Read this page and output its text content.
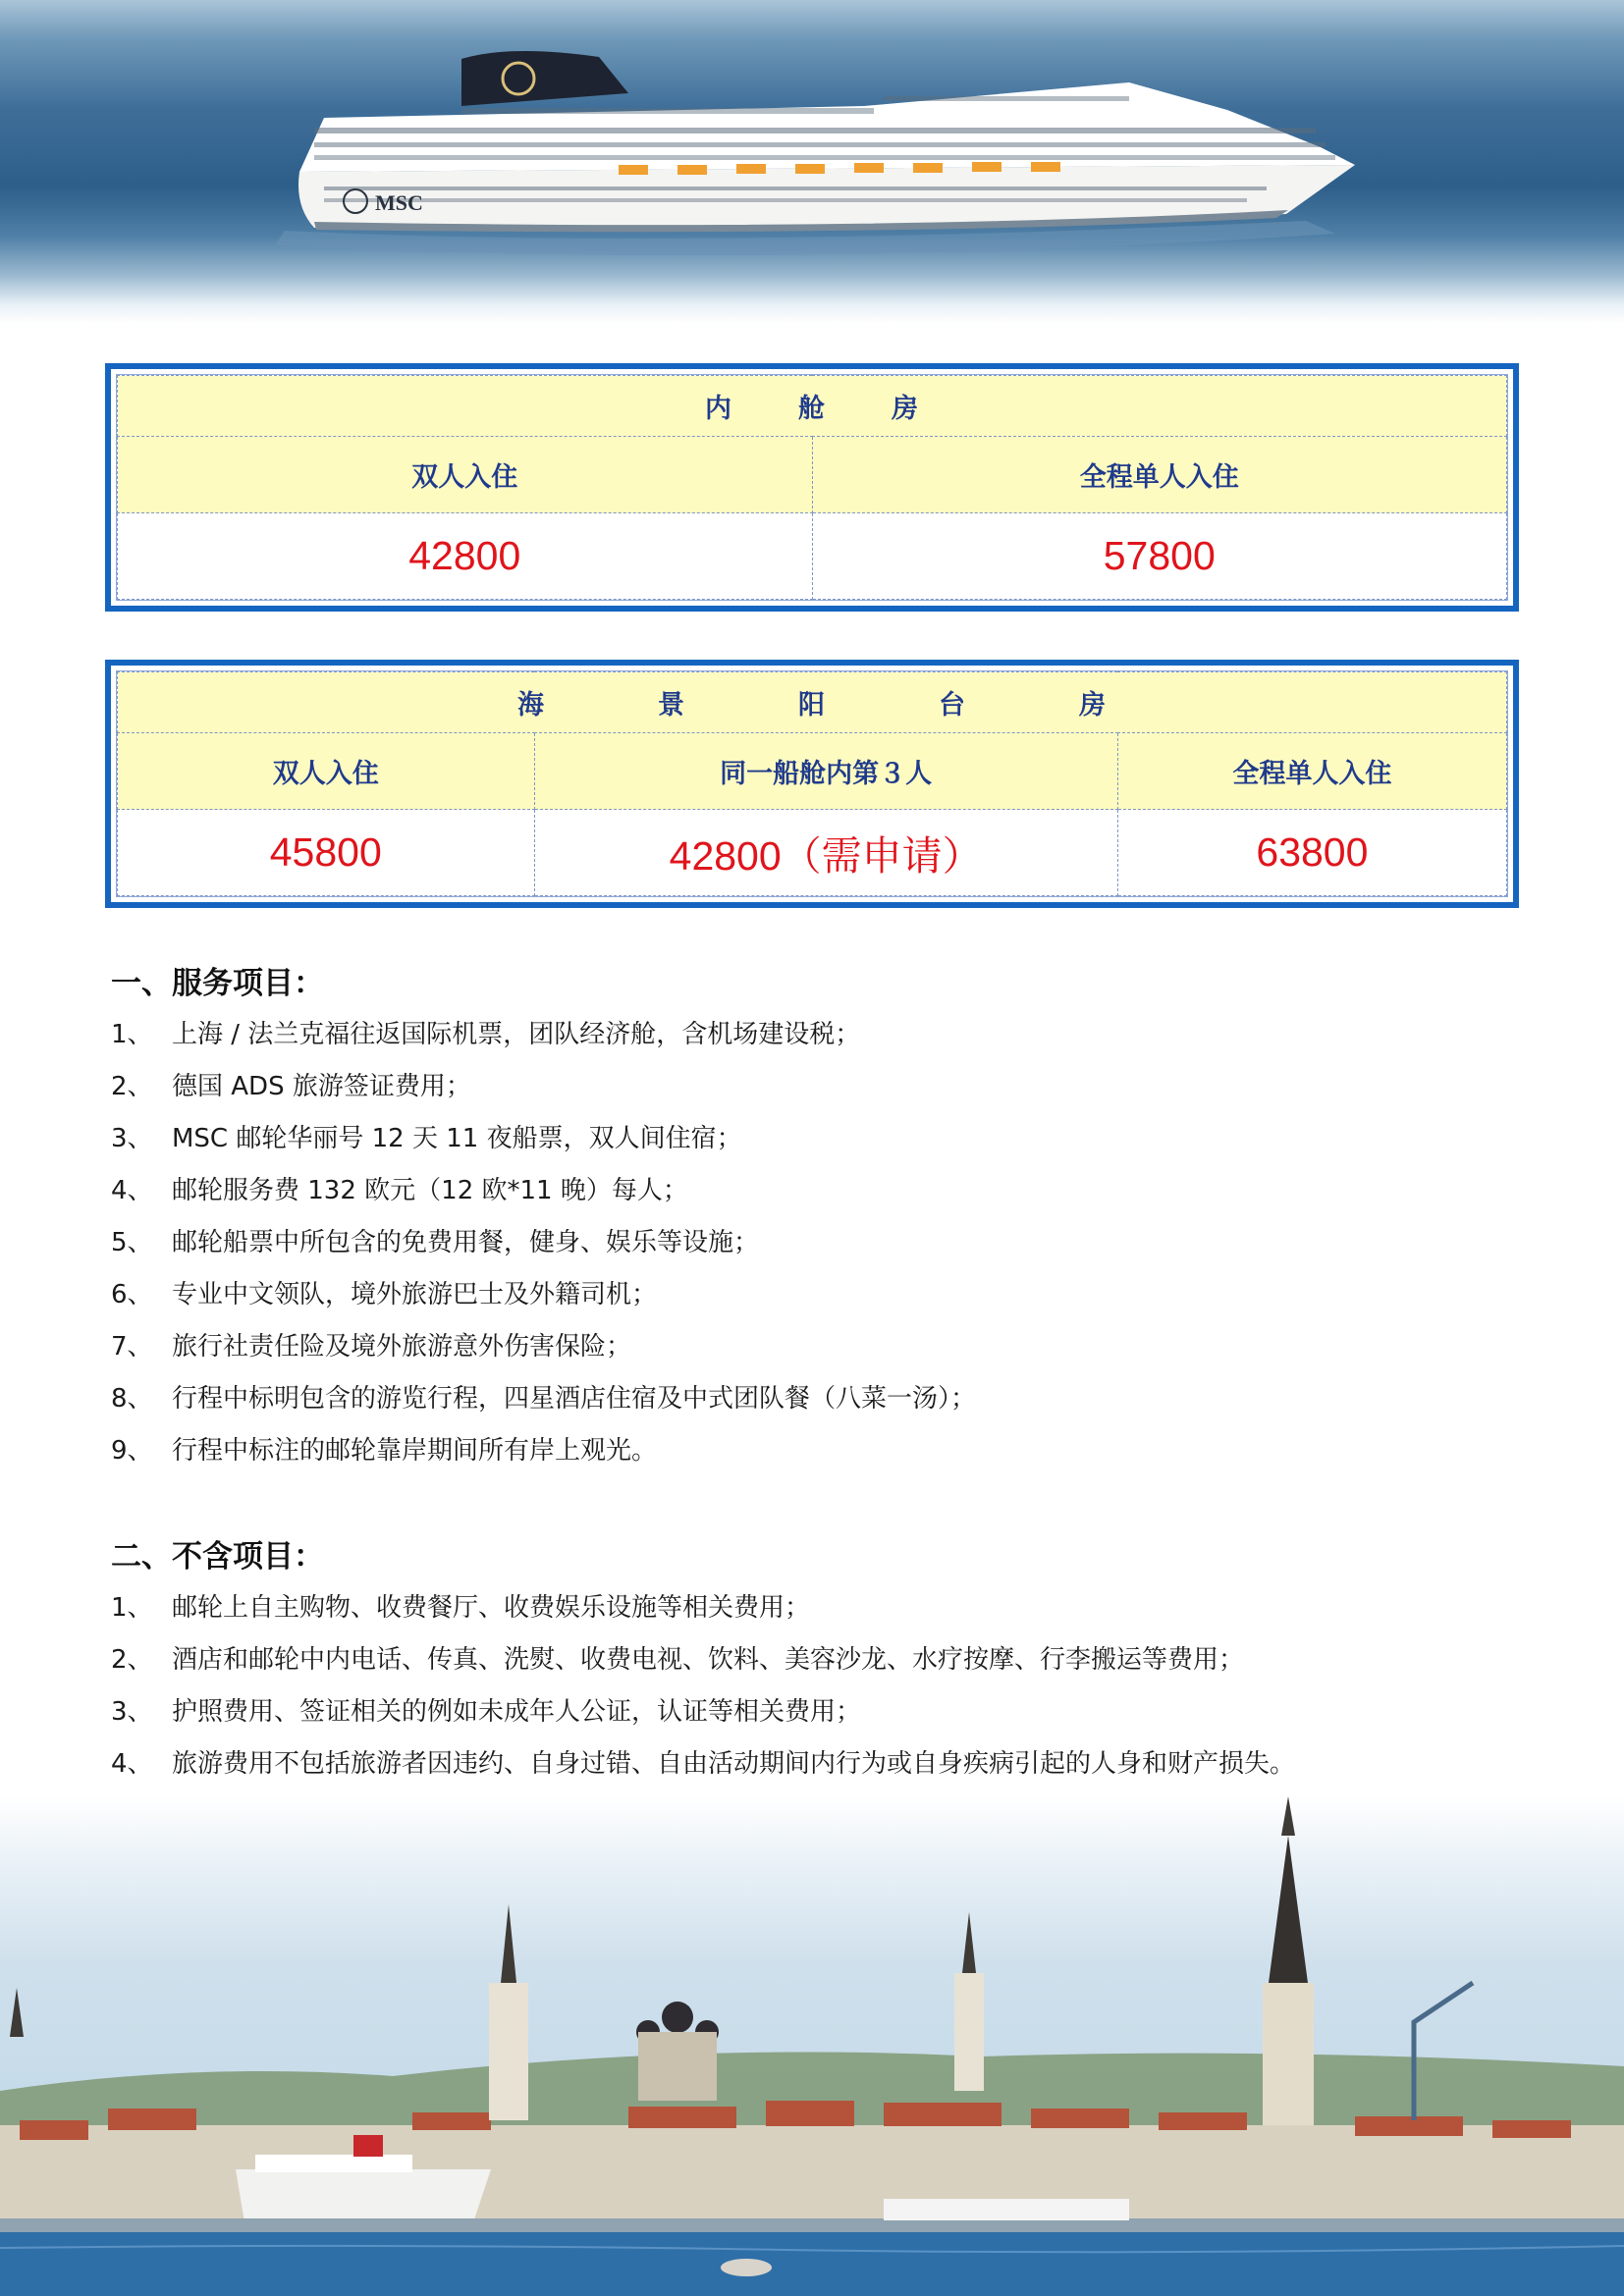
MSC
内舱房	
双人入住	全程单人入住
42800	57800
海景阳台房		
双人入住	同一船舱内第３人	全程单人入住
45800	42800（需申请）	63800
一、服务项目：
1、 上海 / 法兰克福往返国际机票，团队经济舱，含机场建设税；
2、 德国 ADS 旅游签证费用；
3、 MSC 邮轮华丽号 12 天 11 夜船票，双人间住宿；
4、 邮轮服务费 132 欧元（12 欧*11 晚）每人；
5、 邮轮船票中所包含的免费用餐，健身、娱乐等设施；
6、 专业中文领队，境外旅游巴士及外籍司机；
7、 旅行社责任险及境外旅游意外伤害保险；
8、 行程中标明包含的游览行程，四星酒店住宿及中式团队餐（八菜一汤）；
9、 行程中标注的邮轮靠岸期间所有岸上观光。
二、不含项目：
1、 邮轮上自主购物、收费餐厅、收费娱乐设施等相关费用；
2、 酒店和邮轮中内电话、传真、洗熨、收费电视、饮料、美容沙龙、水疗按摩、行李搬运等费用；
3、 护照费用、签证相关的例如未成年人公证，认证等相关费用；
4、 旅游费用不包括旅游者因违约、自身过错、自由活动期间内行为或自身疾病引起的人身和财产损失。
